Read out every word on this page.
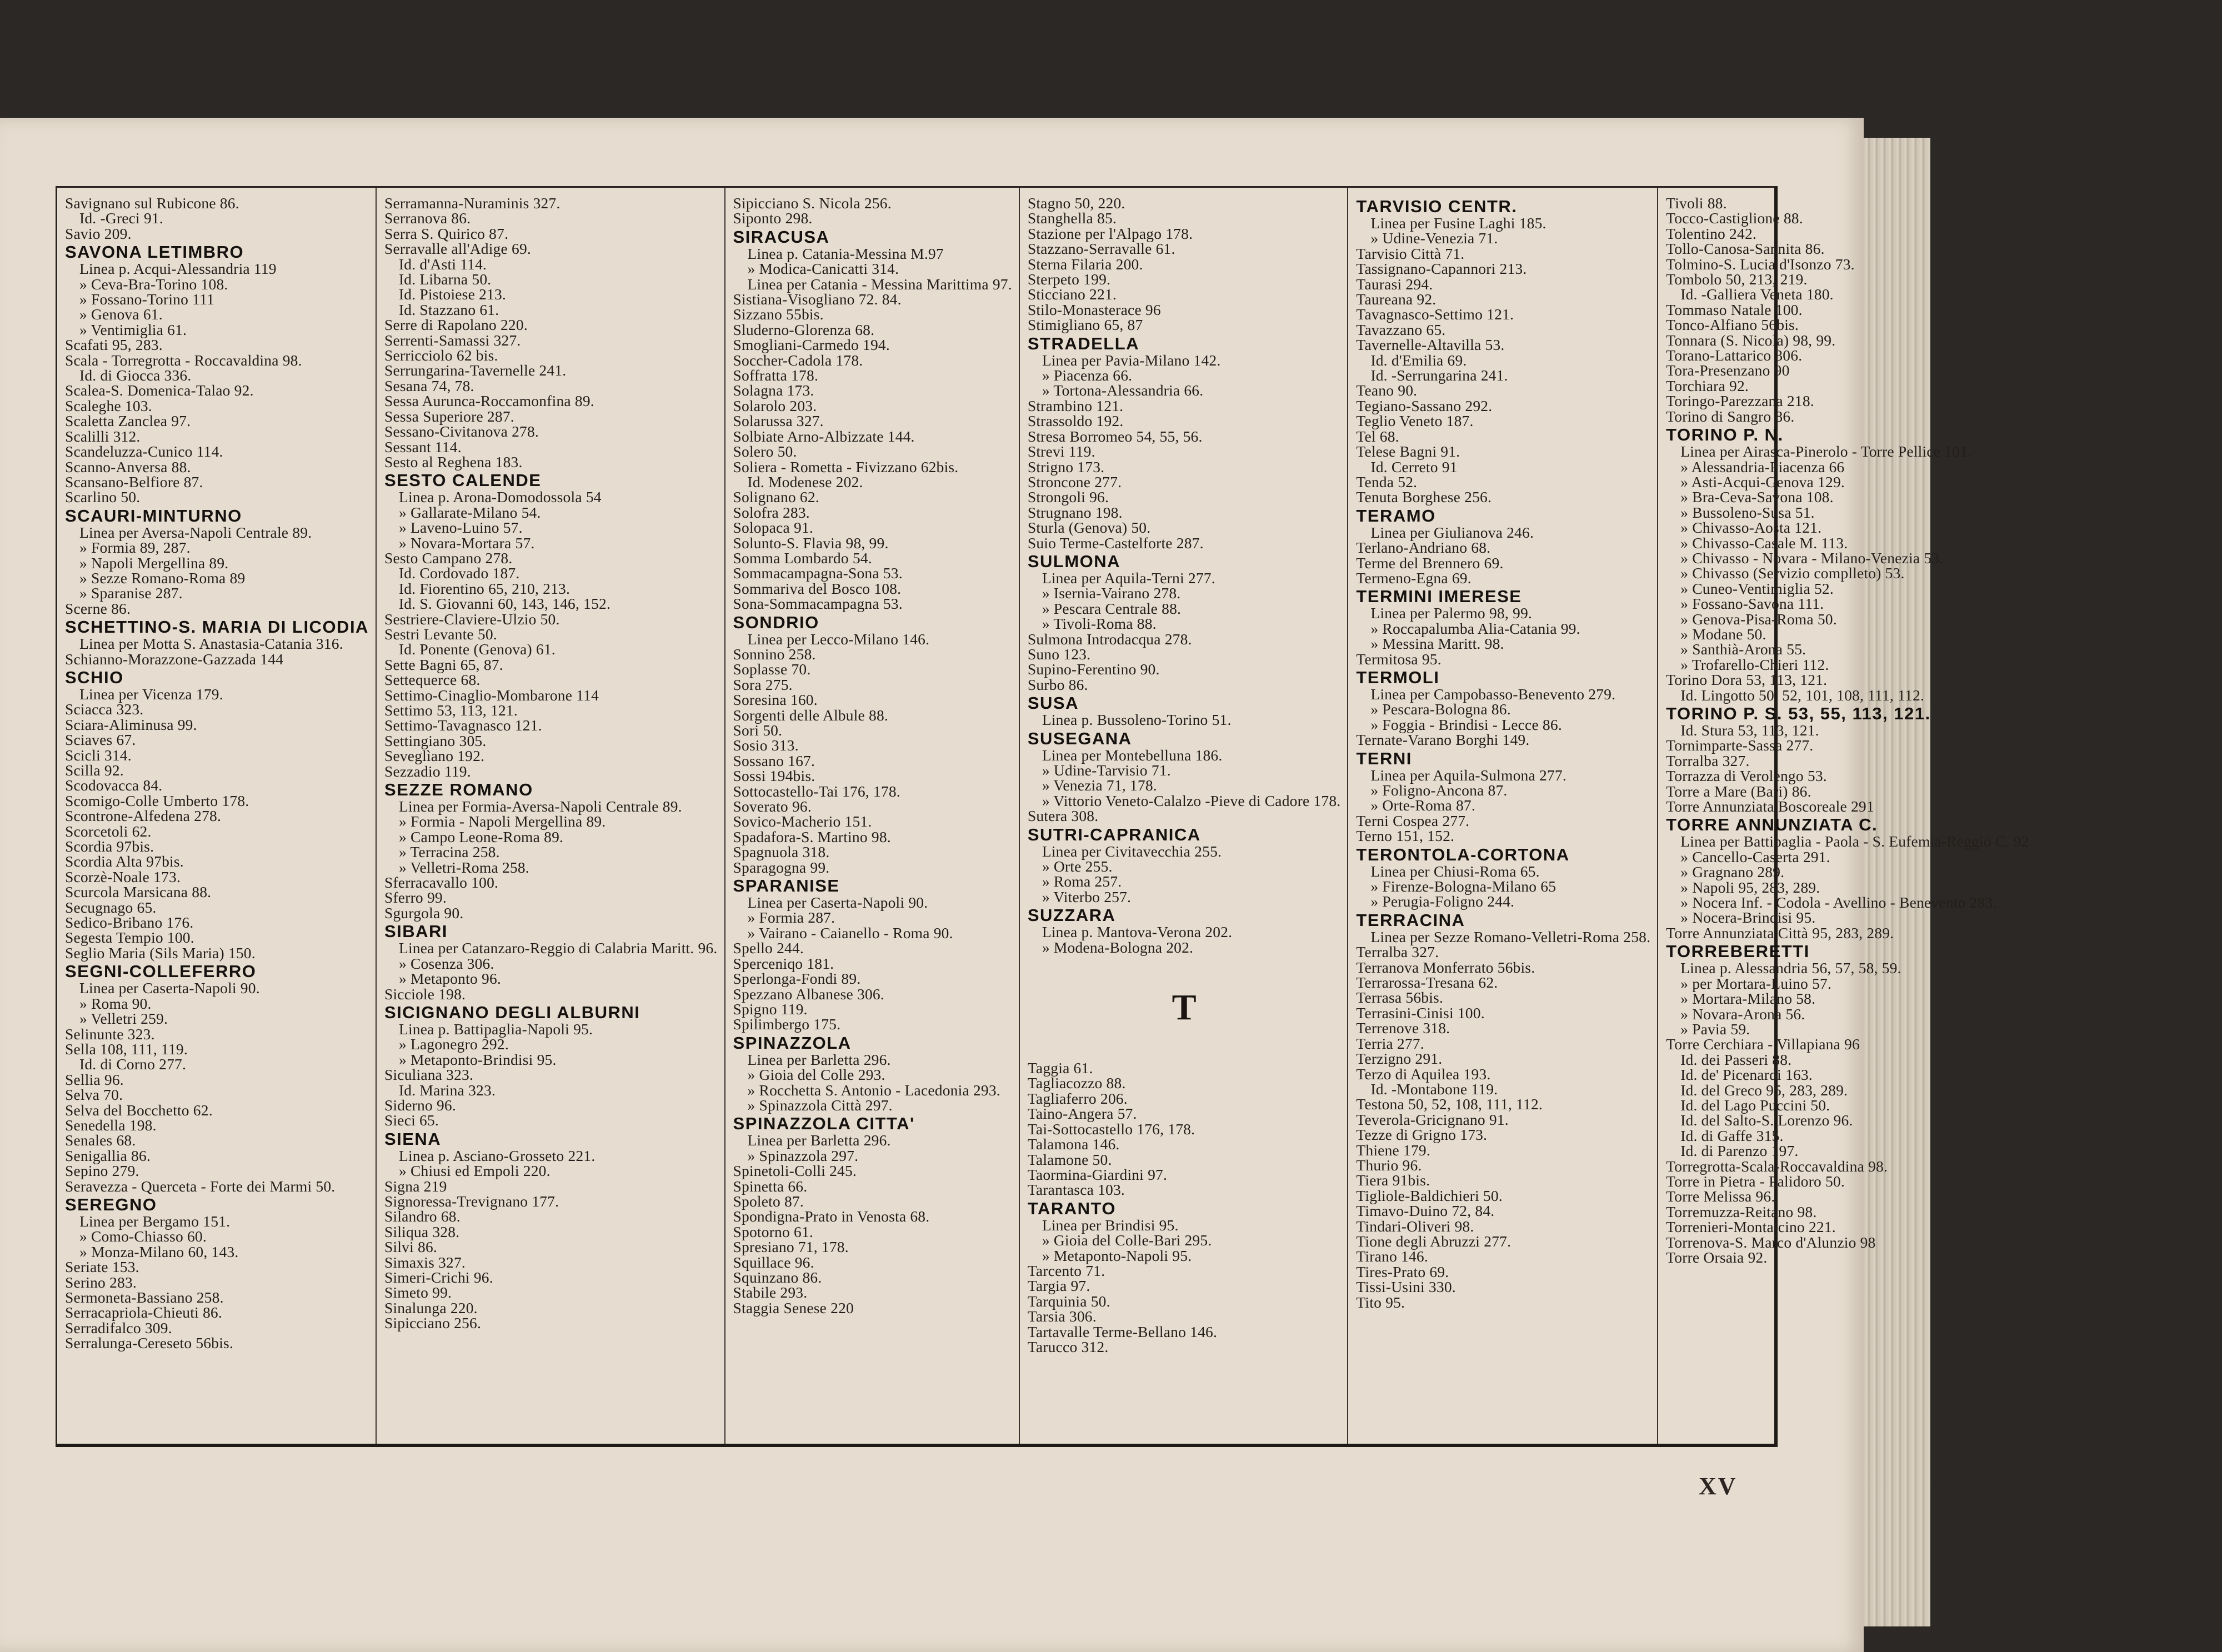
Savignano sul Rubicone 86.
Id. -Greci 91.
Savio 209.
SAVONA LETIMBRO
Linea p. Acqui-Alessandria 119
» Ceva-Bra-Torino 108.
» Fossano-Torino 111
» Genova 61.
» Ventimiglia 61.
Scafati 95, 283.
Scala - Torregrotta - Roccavaldina 98.
Id. di Giocca 336.
Scalea-S. Domenica-Talao 92.
Scaleghe 103.
Scaletta Zanclea 97.
Scalilli 312.
Scandeluzza-Cunico 114.
Scanno-Anversa 88.
Scansano-Belfiore 87.
Scarlino 50.
SCAURI-MINTURNO
Linea per Aversa-Napoli Centrale 89.
» Formia 89, 287.
» Napoli Mergellina 89.
» Sezze Romano-Roma 89
» Sparanise 287.
Scerne 86.
SCHETTINO-S. MARIA DI LICODIA
Linea per Motta S. Anastasia-Catania 316.
Schianno-Morazzone-Gazzada 144
SCHIO
Linea per Vicenza 179.
Sciacca 323.
Sciara-Aliminusa 99.
Sciaves 67.
Scicli 314.
Scilla 92.
Scodovacca 84.
Scomigo-Colle Umberto 178.
Scontrone-Alfedena 278.
Scorcetoli 62.
Scordia 97bis.
Scordia Alta 97bis.
Scorzè-Noale 173.
Scurcola Marsicana 88.
Secugnago 65.
Sedico-Bribano 176.
Segesta Tempio 100.
Seglio Maria (Sils Maria) 150.
SEGNI-COLLEFERRO
Linea per Caserta-Napoli 90.
» Roma 90.
» Velletri 259.
Selinunte 323.
Sella 108, 111, 119.
Id. di Corno 277.
Sellia 96.
Selva 70.
Selva del Bocchetto 62.
Senedella 198.
Senales 68.
Senigallia 86.
Sepino 279.
Seravezza - Querceta - Forte dei Marmi 50.
SEREGNO
Linea per Bergamo 151.
» Como-Chiasso 60.
» Monza-Milano 60, 143.
Seriate 153.
Serino 283.
Sermoneta-Bassiano 258.
Serracapriola-Chieuti 86.
Serradifalco 309.
Serralunga-Cereseto 56bis.
Serramanna-Nuraminis 327.
Serranova 86.
Serra S. Quirico 87.
Serravalle all'Adige 69.
Id. d'Asti 114.
Id. Libarna 50.
Id. Pistoiese 213.
Id. Stazzano 61.
Serre di Rapolano 220.
Serrenti-Samassi 327.
Serricciolo 62 bis.
Serrungarina-Tavernelle 241.
Sesana 74, 78.
Sessa Aurunca-Roccamonfina 89.
Sessa Superiore 287.
Sessano-Civitanova 278.
Sessant 114.
Sesto al Reghena 183.
SESTO CALENDE
Linea p. Arona-Domodossola 54
» Gallarate-Milano 54.
» Laveno-Luino 57.
» Novara-Mortara 57.
Sesto Campano 278.
Id. Cordovado 187.
Id. Fiorentino 65, 210, 213.
Id. S. Giovanni 60, 143, 146, 152.
Sestriere-Claviere-Ulzio 50.
Sestri Levante 50.
Id. Ponente (Genova) 61.
Sette Bagni 65, 87.
Settequerce 68.
Settimo-Cinaglio-Mombarone 114
Settimo 53, 113, 121.
Settimo-Tavagnasco 121.
Settingiano 305.
Seveglìano 192.
Sezzadio 119.
SEZZE ROMANO
Linea per Formia-Aversa-Napoli Centrale 89.
» Formia - Napoli Mergellina 89.
» Campo Leone-Roma 89.
» Terracina 258.
» Velletri-Roma 258.
Sferracavallo 100.
Sferro 99.
Sgurgola 90.
SIBARI
Linea per Catanzaro-Reggio di Calabria Maritt. 96.
» Cosenza 306.
» Metaponto 96.
Sicciole 198.
SICIGNANO DEGLI ALBURNI
Linea p. Battipaglia-Napoli 95.
» Lagonegro 292.
» Metaponto-Brindisi 95.
Siculiana 323.
Id. Marina 323.
Siderno 96.
Sieci 65.
SIENA
Linea p. Asciano-Grosseto 221.
» Chiusi ed Empoli 220.
Signa 219
Signoressa-Trevignano 177.
Silandro 68.
Siliqua 328.
Silvi 86.
Simaxis 327.
Simeri-Crichi 96.
Simeto 99.
Sinalunga 220.
Sipicciano 256.
Sipicciano S. Nicola 256.
Siponto 298.
SIRACUSA
Linea p. Catania-Messina M.97
» Modica-Canicatti 314.
Linea per Catania - Messina Marittima 97.
Sistiana-Visogliano 72. 84.
Sizzano 55bis.
Sluderno-Glorenza 68.
Smogliani-Carmedo 194.
Soccher-Cadola 178.
Soffratta 178.
Solagna 173.
Solarolo 203.
Solarussa 327.
Solbiate Arno-Albizzate 144.
Solero 50.
Soliera - Rometta - Fivizzano 62bis.
Id. Modenese 202.
Solignano 62.
Solofra 283.
Solopaca 91.
Solunto-S. Flavia 98, 99.
Somma Lombardo 54.
Sommacampagna-Sona 53.
Sommariva del Bosco 108.
Sona-Sommacampagna 53.
SONDRIO
Linea per Lecco-Milano 146.
Sonnino 258.
Soplasse 70.
Sora 275.
Soresina 160.
Sorgenti delle Albule 88.
Sori 50.
Sosio 313.
Sossano 167.
Sossi 194bis.
Sottocastello-Tai 176, 178.
Soverato 96.
Sovico-Macherio 151.
Spadafora-S. Martino 98.
Spagnuola 318.
Sparagogna 99.
SPARANISE
Linea per Caserta-Napoli 90.
» Formia 287.
» Vairano - Caianello - Roma 90.
Spello 244.
Sperceniqo 181.
Sperlonga-Fondi 89.
Spezzano Albanese 306.
Spigno 119.
Spilimbergo 175.
SPINAZZOLA
Linea per Barletta 296.
» Gioia del Colle 293.
» Rocchetta S. Antonio - Lacedonia 293.
» Spinazzola Città 297.
SPINAZZOLA CITTA'
Linea per Barletta 296.
» Spinazzola 297.
Spinetoli-Colli 245.
Spinetta 66.
Spoleto 87.
Spondigna-Prato in Venosta 68.
Spotorno 61.
Spresiano 71, 178.
Squillace 96.
Squinzano 86.
Stabile 293.
Staggia Senese 220
Stagno 50, 220.
Stanghella 85.
Stazione per l'Alpago 178.
Stazzano-Serravalle 61.
Sterna Filaria 200.
Sterpeto 199.
Sticciano 221.
Stilo-Monasterace 96
Stimigliano 65, 87
STRADELLA
Linea per Pavia-Milano 142.
» Piacenza 66.
» Tortona-Alessandria 66.
Strambino 121.
Strassoldo 192.
Stresa Borromeo 54, 55, 56.
Strevi 119.
Strigno 173.
Stroncone 277.
Strongoli 96.
Strugnano 198.
Sturla (Genova) 50.
Suio Terme-Castelforte 287.
SULMONA
Linea per Aquila-Terni 277.
» Isernia-Vairano 278.
» Pescara Centrale 88.
» Tivoli-Roma 88.
Sulmona Introdacqua 278.
Suno 123.
Supino-Ferentino 90.
Surbo 86.
SUSA
Linea p. Bussoleno-Torino 51.
SUSEGANA
Linea per Montebelluna 186.
» Udine-Tarvisio 71.
» Venezia 71, 178.
» Vittorio Veneto-Calalzo -Pieve di Cadore 178.
Sutera 308.
SUTRI-CAPRANICA
Linea per Civitavecchia 255.
» Orte 255.
» Roma 257.
» Viterbo 257.
SUZZARA
Linea p. Mantova-Verona 202.
» Modena-Bologna 202.
T
Taggia 61.
Tagliacozzo 88.
Tagliaferro 206.
Taino-Angera 57.
Tai-Sottocastello 176, 178.
Talamona 146.
Talamone 50.
Taormina-Giardini 97.
Tarantasca 103.
TARANTO
Linea per Brindisi 95.
» Gioia del Colle-Bari 295.
» Metaponto-Napoli 95.
Tarcento 71.
Targia 97.
Tarquinia 50.
Tarsia 306.
Tartavalle Terme-Bellano 146.
Tarucco 312.
TARVISIO CENTR.
Linea per Fusine Laghi 185.
» Udine-Venezia 71.
Tarvisio Città 71.
Tassignano-Capannori 213.
Taurasi 294.
Taureana 92.
Tavagnasco-Settimo 121.
Tavazzano 65.
Tavernelle-Altavilla 53.
Id. d'Emilia 69.
Id. -Serrungarina 241.
Teano 90.
Tegiano-Sassano 292.
Teglio Veneto 187.
Tel 68.
Telese Bagni 91.
Id. Cerreto 91
Tenda 52.
Tenuta Borghese 256.
TERAMO
Linea per Giulianova 246.
Terlano-Andriano 68.
Terme del Brennero 69.
Termeno-Egna 69.
TERMINI IMERESE
Linea per Palermo 98, 99.
» Roccapalumba Alia-Catania 99.
» Messina Maritt. 98.
Termitosa 95.
TERMOLI
Linea per Campobasso-Benevento 279.
» Pescara-Bologna 86.
» Foggia - Brindisi - Lecce 86.
Ternate-Varano Borghi 149.
TERNI
Linea per Aquila-Sulmona 277.
» Foligno-Ancona 87.
» Orte-Roma 87.
Terni Cospea 277.
Terno 151, 152.
TERONTOLA-CORTONA
Linea per Chiusi-Roma 65.
» Firenze-Bologna-Milano 65
» Perugia-Foligno 244.
TERRACINA
Linea per Sezze Romano-Velletri-Roma 258.
Terralba 327.
Terranova Monferrato 56bis.
Terrarossa-Tresana 62.
Terrasa 56bis.
Terrasini-Cinisi 100.
Terrenove 318.
Terria 277.
Terzigno 291.
Terzo di Aquilea 193.
Id. -Montabone 119.
Testona 50, 52, 108, 111, 112.
Teverola-Gricignano 91.
Tezze di Grigno 173.
Thiene 179.
Thurio 96.
Tiera 91bis.
Tigliole-Baldichieri 50.
Timavo-Duino 72, 84.
Tindari-Oliveri 98.
Tione degli Abruzzi 277.
Tirano 146.
Tires-Prato 69.
Tissi-Usini 330.
Tito 95.
Tivoli 88.
Tocco-Castiglione 88.
Tolentino 242.
Tollo-Canosa-Sannita 86.
Tolmino-S. Lucia d'Isonzo 73.
Tombolo 50, 213, 219.
Id. -Galliera Veneta 180.
Tommaso Natale 100.
Tonco-Alfiano 56bis.
Tonnara (S. Nicola) 98, 99.
Torano-Lattarico 306.
Tora-Presenzano 90
Torchiara 92.
Toringo-Parezzana 218.
Torino di Sangro 86.
TORINO P. N.
Linea per Airasca-Pinerolo - Torre Pellice 101.
» Alessandria-Piacenza 66
» Asti-Acqui-Genova 129.
» Bra-Ceva-Savona 108.
» Bussoleno-Susa 51.
» Chivasso-Aosta 121.
» Chivasso-Casale M. 113.
» Chivasso - Novara - Milano-Venezia 53.
» Chivasso (Servizio complleto) 53.
» Cuneo-Ventimiglia 52.
» Fossano-Savona 111.
» Genova-Pisa-Roma 50.
» Modane 50.
» Santhià-Arona 55.
» Trofarello-Chieri 112.
Torino Dora 53, 113, 121.
Id. Lingotto 50, 52, 101, 108, 111, 112.
TORINO P. S. 53, 55, 113, 121.
Id. Stura 53, 113, 121.
Tornimparte-Sassa 277.
Torralba 327.
Torrazza di Verolengo 53.
Torre a Mare (Bari) 86.
Torre Annunziata Boscoreale 291
TORRE ANNUNZIATA C.
Linea per Battipaglia - Paola - S. Eufemia-Reggio C. 92
» Cancello-Caserta 291.
» Gragnano 289.
» Napoli 95, 283, 289.
» Nocera Inf. - Codola - Avellino - Benevento 283.
» Nocera-Brindisi 95.
Torre Annunziata Città 95, 283, 289.
TORREBERETTI
Linea p. Alessandria 56, 57, 58, 59.
» per Mortara-Luino 57.
» Mortara-Milano 58.
» Novara-Arona 56.
» Pavia 59.
Torre Cerchiara - Villapiana 96
Id. dei Passeri 88.
Id. de' Picenardi 163.
Id. del Greco 95, 283, 289.
Id. del Lago Puccini 50.
Id. del Salto-S. Lorenzo 96.
Id. di Gaffe 315.
Id. di Parenzo 197.
Torregrotta-Scala-Roccavaldina 98.
Torre in Pietra - Palidoro 50.
Torre Melissa 96.
Torremuzza-Reitano 98.
Torrenieri-Montalcino 221.
Torrenova-S. Marco d'Alunzio 98
Torre Orsaia 92.
XV
